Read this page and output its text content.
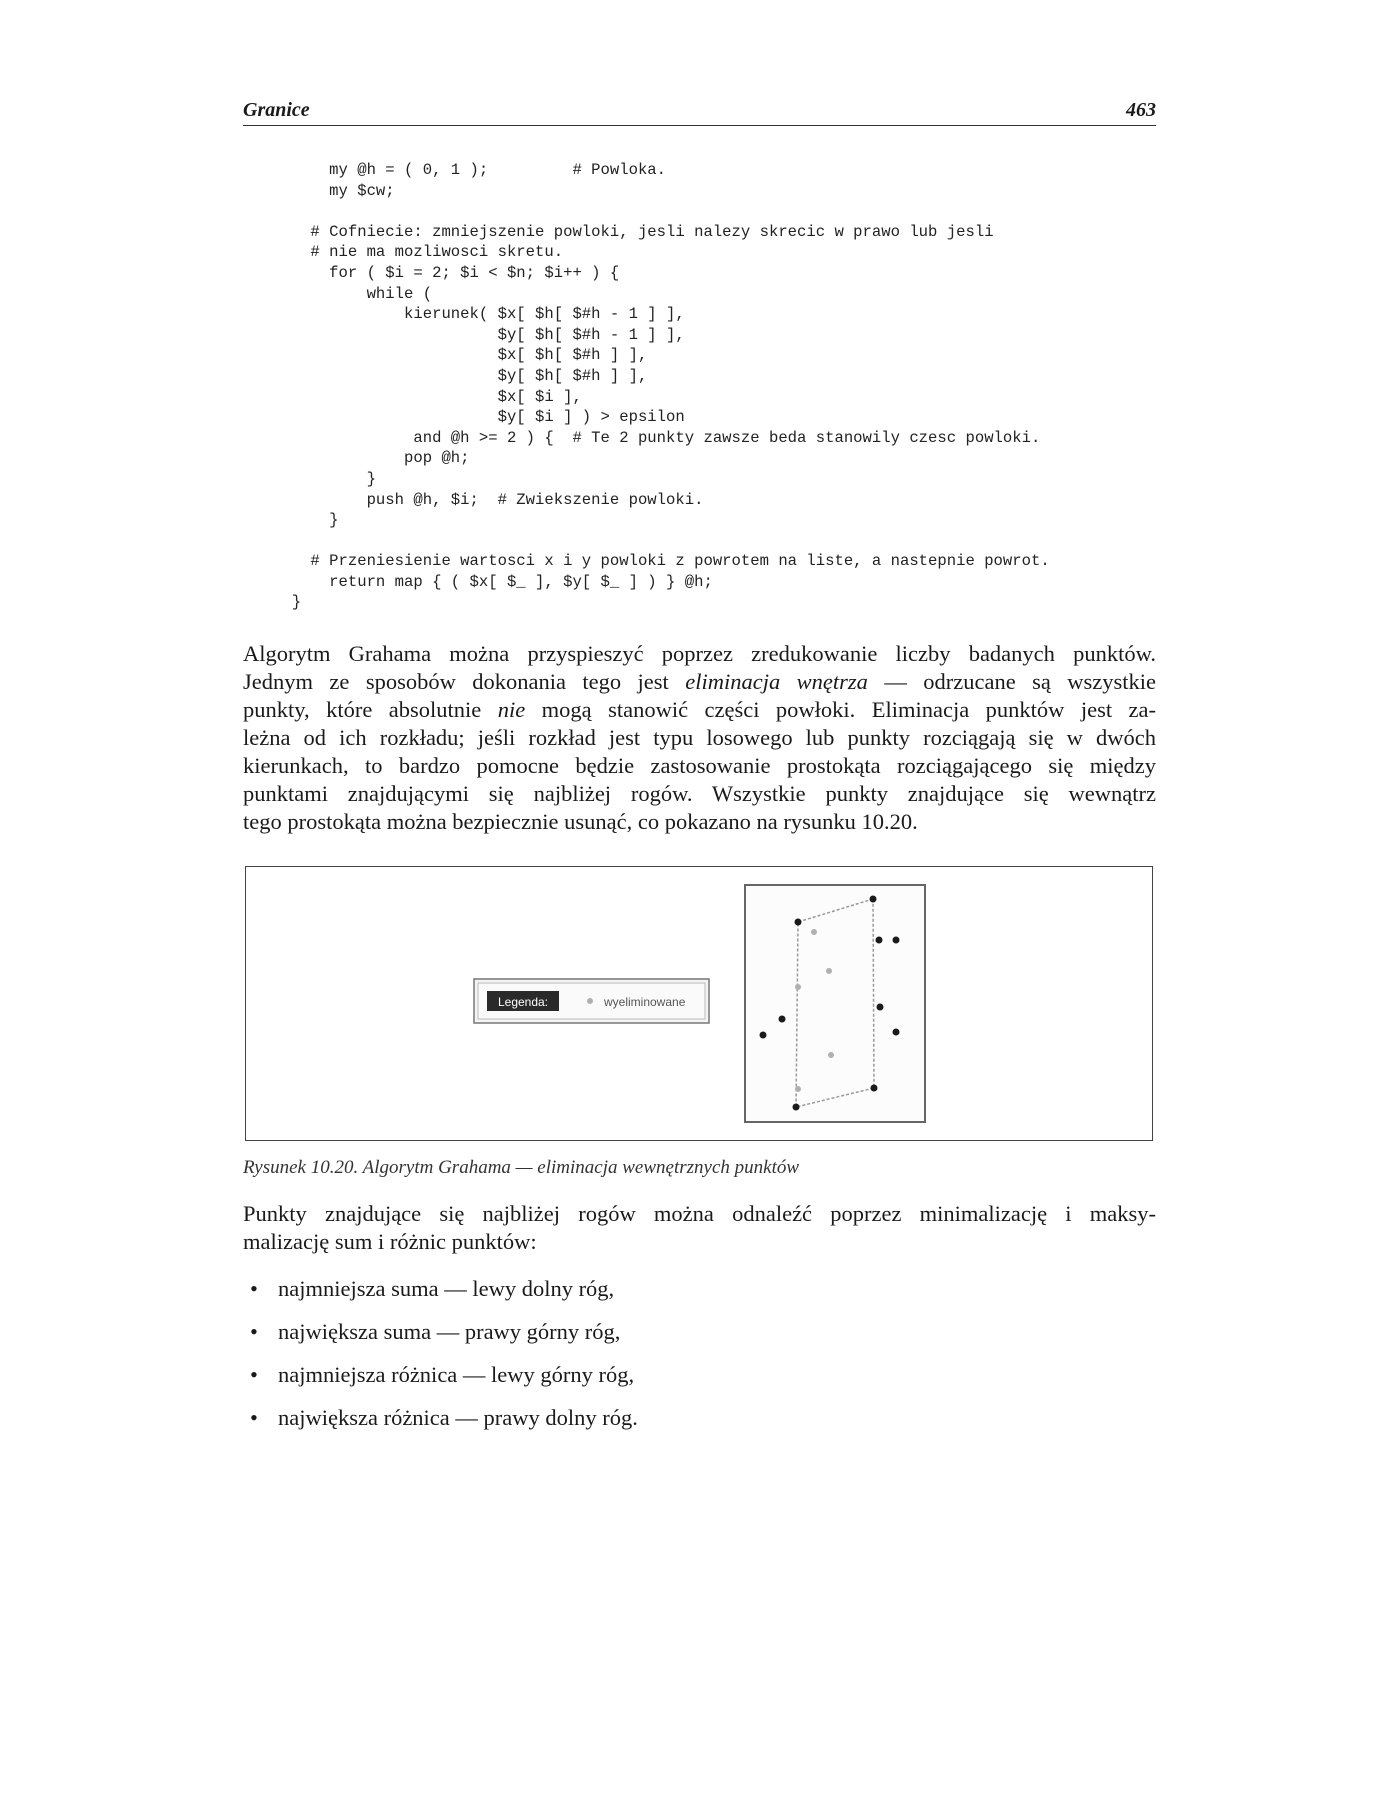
Granice	463
my @h = ( 0, 1 );         # Powloka.
my $cw;
# Cofniecie: zmniejszenie powloki, jesli nalezy skrecic w prawo lub jesli
# nie ma mozliwosci skretu.
for ( $i = 2; $i < $n; $i++ ) {
while (
kierunek( $x[ $h[ $#h - 1 ] ],
$y[ $h[ $#h - 1 ] ],
$x[ $h[ $#h ] ],
$y[ $h[ $#h ] ],
$x[ $i ],
$y[ $i ] ) > epsilon
and @h >= 2 ) {  # Te 2 punkty zawsze beda stanowily czesc powloki.
pop @h;
}
push @h, $i;  # Zwiekszenie powloki.
}
# Przeniesienie wartosci x i y powloki z powrotem na liste, a nastepnie powrot.
return map { ( $x[ $_ ], $y[ $_ ] ) } @h;
}
Algorytm Grahama można przyspieszyć poprzez zredukowanie liczby badanych punktów.
Jednym ze sposobów dokonania tego jest eliminacja wnętrza — odrzucane są wszystkie
punkty, które absolutnie nie mogą stanowić części powłoki. Eliminacja punktów jest za-
leżna od ich rozkładu; jeśli rozkład jest typu losowego lub punkty rozciągają się w dwóch
kierunkach, to bardzo pomocne będzie zastosowanie prostokąta rozciągającego się między
punktami znajdującymi się najbliżej rogów. Wszystkie punkty znajdujące się wewnątrz
tego prostokąta można bezpiecznie usunąć, co pokazano na rysunku 10.20.
Legenda:	wyeliminowane
Rysunek 10.20. Algorytm Grahama — eliminacja wewnętrznych punktów
Punkty znajdujące się najbliżej rogów można odnaleźć poprzez minimalizację i maksy-
malizację sum i różnic punktów:
• najmniejsza suma — lewy dolny róg,
• największa suma — prawy górny róg,
• najmniejsza różnica — lewy górny róg,
• największa różnica — prawy dolny róg.
